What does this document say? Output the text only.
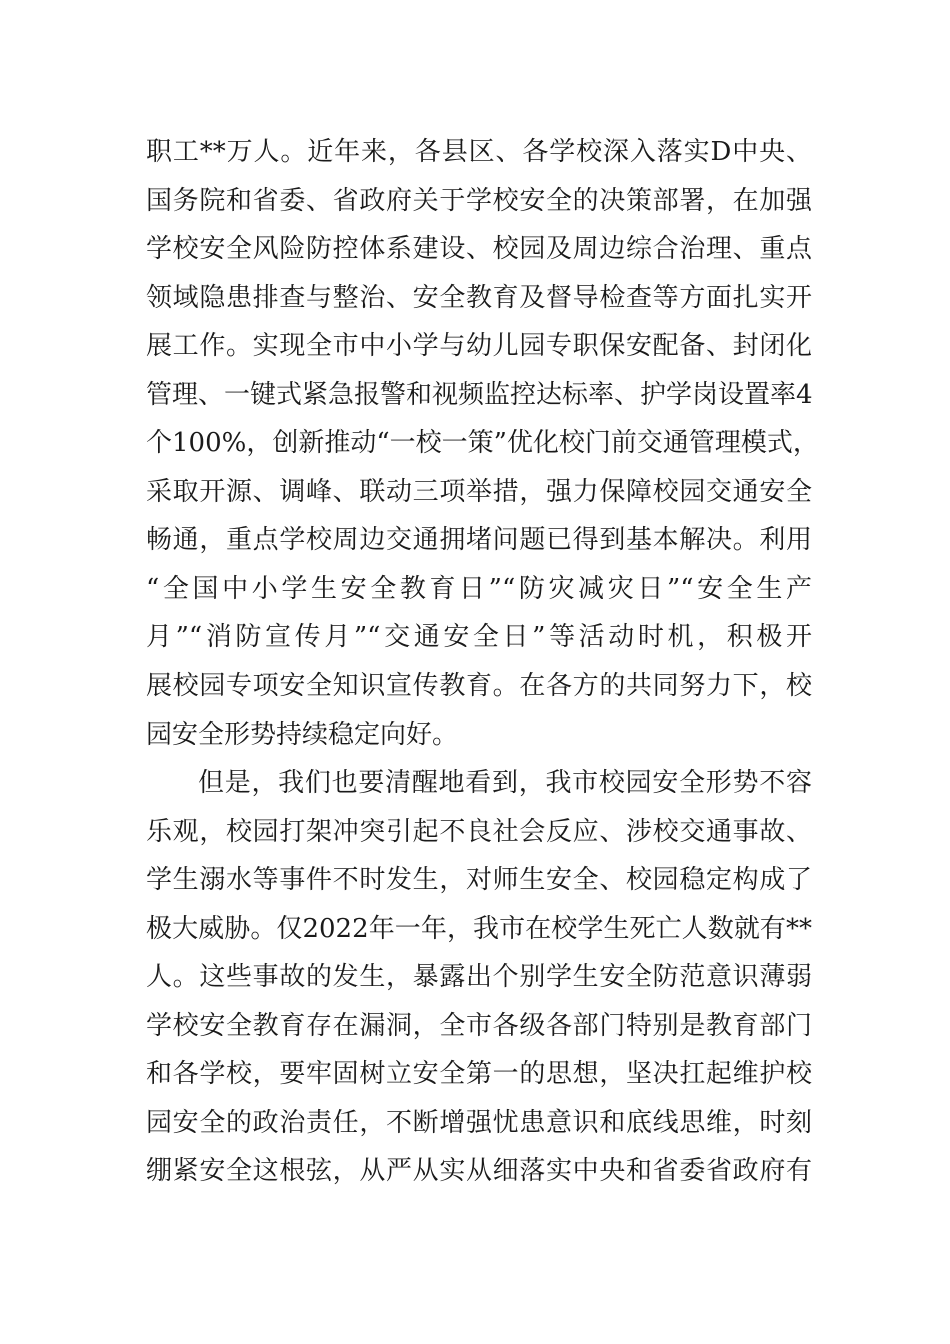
职工**万人。近年来，各县区、各学校深入落实D中央、
国务院和省委、省政府关于学校安全的决策部署，在加强
学校安全风险防控体系建设、校园及周边综合治理、重点
领域隐患排查与整治、安全教育及督导检查等方面扎实开
展工作。实现全市中小学与幼儿园专职保安配备、封闭化
管理、一键式紧急报警和视频监控达标率、护学岗设置率4
个100%，创新推动“一校一策”优化校门前交通管理模式，
采取开源、调峰、联动三项举措，强力保障校园交通安全
畅通，重点学校周边交通拥堵问题已得到基本解决。利用
“全国中小学生安全教育日”“防灾减灾日”“安全生产
月”“消防宣传月”“交通安全日”等活动时机，积极开
展校园专项安全知识宣传教育。在各方的共同努力下，校
园安全形势持续稳定向好。
但是，我们也要清醒地看到，我市校园安全形势不容
乐观，校园打架冲突引起不良社会反应、涉校交通事故、
学生溺水等事件不时发生，对师生安全、校园稳定构成了
极大威胁。仅2022年一年，我市在校学生死亡人数就有**
人。这些事故的发生，暴露出个别学生安全防范意识薄弱
学校安全教育存在漏洞，全市各级各部门特别是教育部门
和各学校，要牢固树立安全第一的思想，坚决扛起维护校
园安全的政治责任，不断增强忧患意识和底线思维，时刻
绷紧安全这根弦，从严从实从细落实中央和省委省政府有
